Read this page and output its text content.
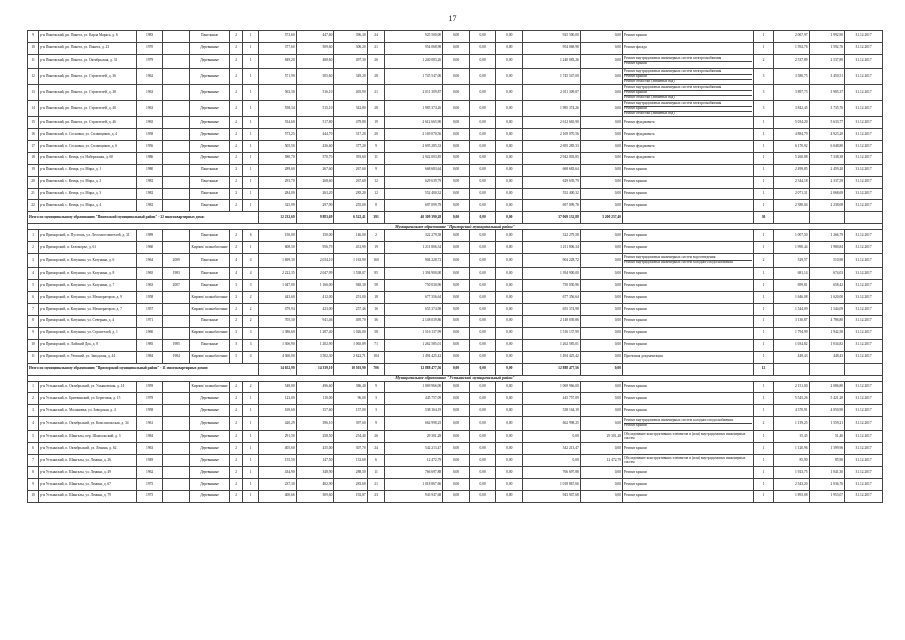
17
9	р-н Пинежский, рп. Пинега, ул. Карла Маркса, д. 6	1983		Панельные	2	1	573,60	447,60	396,30	24	925 500,00	0,00	0,00	0,00	925 500,00	0,00	Ремонт крыши	1	2 067,97	1 992,90	31.12.2017
10	р-н Пинежский, рп. Пинега, ул. Пинега, д. 23	1970		Деревянные	2	1	377,60	509,60	306,20	21	954 068,98	0,00	0,00	0,00	954 068,98	0,00	Ремонт фасада	1	1 592,76	1 592,76	31.12.2017
11	р-н Пинежский, рп. Пинега, ул. Октябрьская, д. 31	1979		Деревянные	2	1	849,20	488,60	497,30	26	1 240 083,26	0,00	0,00	0,00	1 240 083,26	0,00	Ремонт внутридомовых инженерных систем электроснабжения
Ремонт крыши	2	2 537,89	2 537,89	31.12.2017
12	р-н Пинежский, рп. Пинега, ул. Строителей, д. 36	1962		Деревянные	2	1	571,90	505,60	349,20	28	1 745 547,00	0,00	0,00	0,00	1 745 547,00	0,00	Ремонт внутридомовых инженерных систем электроснабжения
Ремонт крыши
Ремонт отмостки (ливневых вод)	3	3 580,75	3 450,51	31.12.2017
13	р-н Пинежский, рп. Пинега, ул. Строителей, д. 38	1963		Деревянные	2	1	563,30	516,10	405,90	21	2 011 309,87	0,00	0,00	0,00	2 011 309,87	0,00	Ремонт внутридомовых инженерных систем электроснабжения
Ремонт крыши
Ремонт отмостки (ливневых вод)	3	3 897,73	3 985,37	31.12.2017
14	р-н Пинежский, рп. Пинега, ул. Строителей, д. 40	1963		Деревянные	2	1	558,34	515,10	342,80	28	1 985 374,26	0,00	0,00	0,00	1 985 374,26	0,00	Ремонт внутридомовых инженерных систем электроснабжения
Ремонт крыши
Ремонт отмостки (ливневых вод)	3	3 842,45	3 735,76	31.12.2017
15	р-н Пинежский, рп. Пинега, ул. Строителей, д. 46	1965		Деревянные	2	1	534,60	517,80	479,80	19	2 612 665,90	0,00	0,00	0,00	2 612 665,90	0,00	Ремонт фундамента	1	5 034,20	5 633,77	31.12.2017
16	р-н Пинежский, п. Сосновка, ул. Сплавщиков, д. 4	1958		Деревянные	2	1	573,25	444,70	317,20	20	2 169 070,56	0,00	0,00	0,00	2 169 070,56	0,00	Ремонт фундамента	1	4 884,79	4 923,20	31.12.2017
17	р-н Пинежский, п. Сосновка, ул. Сплавщиков, д. 6	1956		Деревянные	2	1	505,50	436,60	377,20	9	2 695 285,33	0,00	0,00	0,00	2 695 285,33	0,00	Ремонт фундамента	1	6 170,92	6 048,80	31.12.2017
18	р-н Пинежский, с. Кемца, ул. Набережная, д. 60	1986		Деревянные	2	1	580,70	570,70	393,60	11	2 942 003,85	0,00	0,00	0,00	2 942 003,85	0,00	Ремонт фундамента	1	5 260,88	7 338,38	31.12.2017
19	р-н Пинежский, с. Кемца, ул. Мира, д. 1	1980		Панельные	2	1	289,60	267,60	267,60	9	668 683,64	0,00	0,00	0,00	668 683,64	0,00	Ремонт крыши	1	2 499,85	2 459,20	31.12.2017
20	р-н Пинежский, с. Кемца, ул. Мира, д. 2	1982		Панельные	2	1	293,70	268,60	267,60	12	629 639,79	0,00	0,00	0,00	629 639,79	0,00	Ремонт крыши	1	2 344,18	2 337,59	31.12.2017
21	р-н Пинежский, с. Кемца, ул. Мира, д. 3	1982		Панельные	2	1	284,00	263,20	285,20	12	552 400,32	0,00	0,00	0,00	552 400,32	0,00	Ремонт крыши	1	2 071,31	2 068,69	31.12.2017
22	р-н Пинежский, с. Кемца, ул. Мира, д. 4	1982		Панельные	2	1	325,99	297,90	255,00	8	697 099,78	0,00	0,00	0,00	697 099,78	0,00	Ремонт крыши	1	2 380,04	2 238,08	31.12.2017
Итого по муниципальному образованию "Пинежский муниципальный район" - 22 многоквартирных дома:							12 232,69	9 883,69	6 522,41	391	40 309 390,28	0,00	0,00	0,00	37 069 132,88	3 200 257,40		30			
Муниципальное образование "Приморский муниципальный район"																					
1	р-н Приморский, п. Пустошь, ул. Лесозаготовителей, д. 31	1989		Панельные	2	6	150,00	150,00	146,00	2	322 279,58	0,00	0,00	0,00	322 279,58	0,00	Ремонт крыши	1	1 007,50	1 266,79	31.12.2017
2	р-н Приморский, п. Беломорье, д. 61	1960		Кирпич/ шлакоблочные	2	1	608,50	956,79	431,90	19	1 211 806,34	0,00	0,00	0,00	1 211 806,34	0,00	Ремонт крыши	1	1 990,44	1 980,84	31.12.2017
3	р-н Приморский, п. Катунино, ул. Катунина, д. 6	1964	2009	Панельные	4	4	1 699,30	2 034,10	1 163,90	160	904 228,72	0,00	0,00	0,00	904 228,72	0,00	Ремонт внутридомовых инженерных систем водоотведения
Ремонт внутридомовых инженерных систем холодного водоснабжения	2	529,57	510,98	31.12.2017
4	р-н Приморский, п. Катунино, ул. Катунина, д. 8	1965	1983	Панельные	4	4	2 222,35	2 047,99	1 538,07	85	1 394 900,00	0,00	0,00	0,00	1 394 900,00	0,00	Ремонт крыши	1	681,14	674,03	31.12.2017
5	р-н Приморский, п. Катунино, ул. Катунина, д. 7	1963	2007	Панельные	3	3	1 047,00	1 166,00	948,30	58	750 030,96	0,00	0,00	0,00	750 030,96	0,00	Ремонт крыши	1	699,81	658,42	31.12.2017
6	р-н Приморский, п. Катунино, ул. Мелиораторов, д. 9	1958		Кирпич/ шлакоблочные	2	2	443,60	412,00	251,00	18	677 356,64	0,00	0,00	0,00	677 356,64	0,00	Ремонт крыши	1	1 646,08	1 620,00	31.12.2017
7	р-н Приморский, п. Катунино, ул. Мелиораторов, д. 7	1957		Кирпич/ шлакоблочные	2	2	479,94	423,00	257,46	16	655 374,98	0,00	0,00	0,00	655 374,98	0,00	Ремонт крыши	1	1 544,09	1 544,09	31.12.2017
8	р-н Приморский, п. Катунино, ул. Северная, д. 4	1971		Панельные	2	2	705,30	941,46	495,70	36	2 148 039,86	0,00	0,00	0,00	2 148 039,86	0,00	Ремонт крыши	1	3 130,87	4 786,80	31.12.2017
9	р-н Приморский, п. Катунино, ул. Строителей, д. 1	1960		Кирпич/ шлакоблочные	3	3	1 386,60	1 287,40	1 026,00	58	1 516 137,99	0,00	0,00	0,00	1 516 137,99	0,00	Ремонт крыши	1	1 794,99	1 942,58	31.12.2017
10	р-н Приморский, п. Лайский Док, д. 8	1985	1985	Панельные	3	3	1 306,90	1 202,90	1 065,89	71	1 262 585,01	0,00	0,00	0,00	1 262 585,01	0,00	Ремонт крыши	1	1 034,82	1 034,82	31.12.2017
11	р-н Приморский, п. Уемский, ул. Заводская, д. 44	1984	1984	Кирпич/ шлакоблочные	5	4	4 366,00	3 502,30	2 622,71	184	1 494 425,42	0,00	0,00	0,00	1 494 425,42	0,00	Проектная документация	1	448,43	448,43	31.12.2017
Итого по муниципальному образованию "Приморский муниципальный район" - 11 многоквартирных домов:							14 652,90	14 339,10	10 503,90	706	12 888 477,56	0,00	0,00	0,00	12 888 477,56	0,00		12			
Муниципальное образование "Устьянский муниципальный район"																					
1	р-н Устьянский, п. Октябрьский, ул. Ульяновская, д. 14	1959		Кирпич/ шлакоблочные	2	2	548,00	496,60	386,40	9	1 069 966,00	0,00	0,00	0,00	1 069 966,00	0,00	Ремонт крыши	1	2 151,00	2 086,80	31.12.2017
2	р-н Устьянский, п. Бритвинский, ул. Береговая, д. 15	1978		Деревянные	2	1	123,00	110,00	96,00	3	445 757,09	0,00	0,00	0,00	445 757,09	0,00	Ремонт крыши	1	5 545,26	5 421,28	31.12.2017
3	р-н Устьянский, п. Малиновка, ул. Заводская, д. 4	1958		Деревянные	2	1	169,60	157,60	157,00	3	538 164,19	0,00	0,00	0,00	538 164,19	0,00	Ремонт крыши	1	4 370,91	4 050,90	31.12.2017
4	р-н Устьянский, п. Октябрьский, ул. Комсомольская, д. 34	1961		Деревянные	2	1	420,29	396,10	397,60	9	662 998,25	0,00	0,00	0,00	662 998,25	0,00	Ремонт внутридомовых инженерных систем холодного водоснабжения
Ремонт крыши	2	1 139,25	1 559,21	31.12.2017
5	р-н Устьянский, п. Шангалы, пер. Шангальский, д. 3	1984		Деревянные	2	1	291,50	258,50	254,40	26	29 301,28	0,00	0,00	0,00	0,00	29 301,28	Обследование конструктивных элементов и (или) внутридомовых инженерных систем	1	35,45	51,40	31.12.2017
6	р-н Устьянский, п. Октябрьский, ул. Ленина, д. 62	1963		Деревянные	2	1	405,60	435,00	307,70	24	542 213,47	0,00	0,00	0,00	542 213,47	0,00	Ремонт крыши	1	1 120,96	1 399,96	31.12.2017
7	р-н Устьянский, п. Шангалы, ул. Ленина, д. 26	1949		Деревянные	2	1	155,50	147,50	133,60	6	12 472,79	0,00	0,00	0,00	0,00	12 472,79	Обследование конструктивных элементов и (или) внутридомовых инженерных систем	1	85,90	85,90	31.12.2017
8	р-н Устьянский, п. Шангалы, ул. Ленина, д. 49	1962		Деревянные	2	1	434,90	348,90	288,50	11	766 697,88	0,00	0,00	0,00	766 697,88	0,00	Ремонт крыши	1	1 923,75	1 041,30	31.12.2017
9	р-н Устьянский, п. Шангалы, ул. Ленина, д. 67	1975		Деревянные	2	1	237,30	482,90	283,60	21	1 018 867,66	0,00	0,00	0,00	1 018 867,66	0,00	Ремонт крыши	1	2 543,20	2 036,76	31.12.2017
10	р-н Устьянский, п. Шангалы, ул. Ленина, д. 79	1975		Деревянные	2	1	400,66	309,60	192,87	23	943 947,68	0,00	0,00	0,00	943 947,68	0,00	Ремонт крыши	1	1 893,08	1 953,07	31.12.2017
